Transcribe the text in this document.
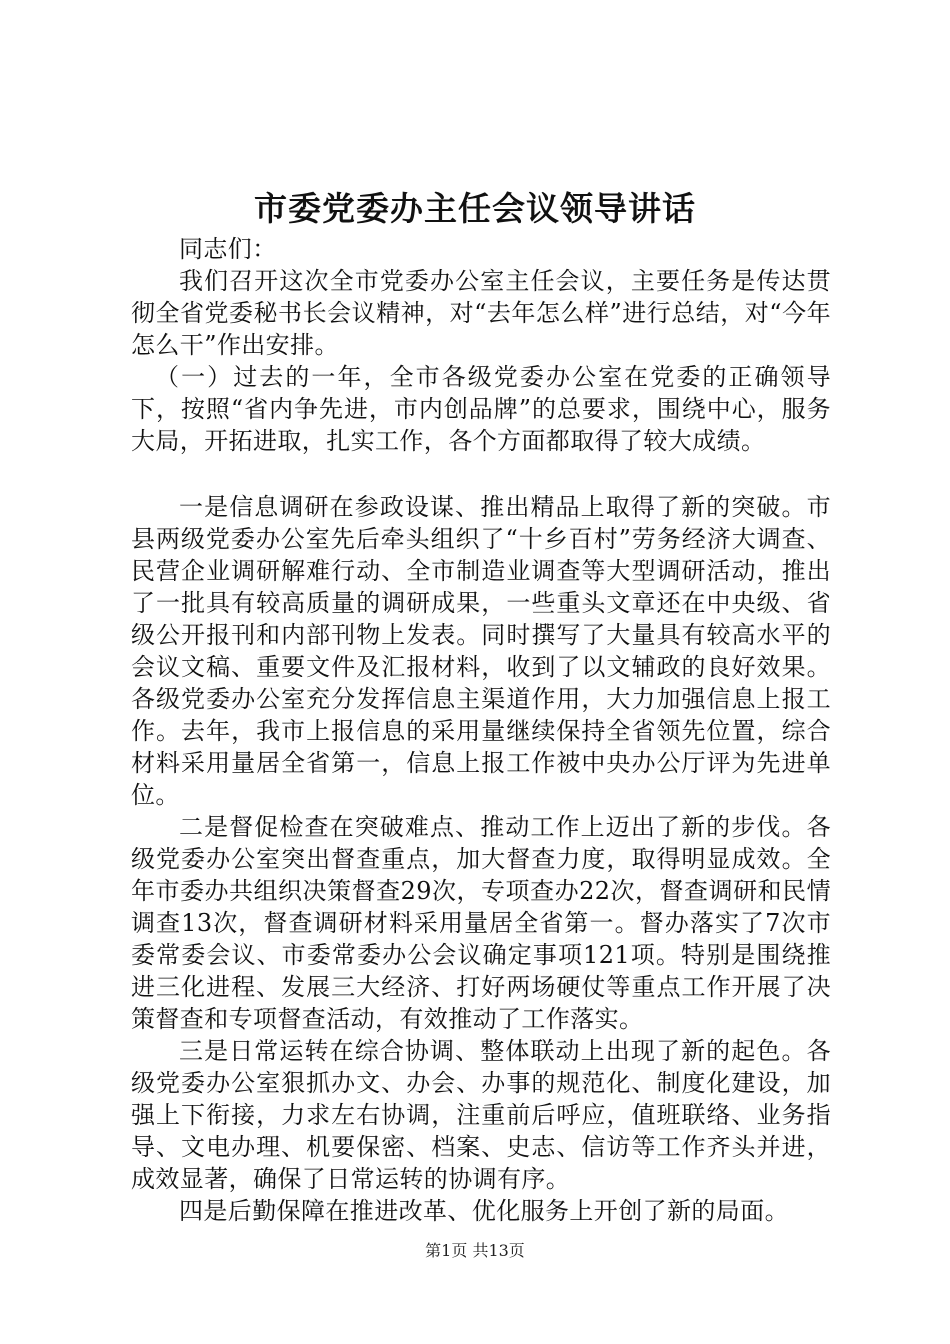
市委党委办主任会议领导讲话

同志们：

我们召开这次全市党委办公室主任会议，主要任务是传达贯彻全省党委秘书长会议精神，对“去年怎么样”进行总结，对“今年怎么干”作出安排。

（一）过去的一年，全市各级党委办公室在党委的正确领导下，按照“省内争先进，市内创品牌”的总要求，围绕中心，服务大局，开拓进取，扎实工作，各个方面都取得了较大成绩。

一是信息调研在参政设谋、推出精品上取得了新的突破。市县两级党委办公室先后牵头组织了“十乡百村”劳务经济大调查、民营企业调研解难行动、全市制造业调查等大型调研活动，推出了一批具有较高质量的调研成果，一些重头文章还在中央级、省级公开报刊和内部刊物上发表。同时撰写了大量具有较高水平的会议文稿、重要文件及汇报材料，收到了以文辅政的良好效果。各级党委办公室充分发挥信息主渠道作用，大力加强信息上报工作。去年，我市上报信息的采用量继续保持全省领先位置，综合材料采用量居全省第一，信息上报工作被中央办公厅评为先进单位。

二是督促检查在突破难点、推动工作上迈出了新的步伐。各级党委办公室突出督查重点，加大督查力度，取得明显成效。全年市委办共组织决策督查29次，专项查办22次，督查调研和民情调查13次，督查调研材料采用量居全省第一。督办落实了7次市委常委会议、市委常委办公会议确定事项121项。特别是围绕推进三化进程、发展三大经济、打好两场硬仗等重点工作开展了决策督查和专项督查活动，有效推动了工作落实。

三是日常运转在综合协调、整体联动上出现了新的起色。各级党委办公室狠抓办文、办会、办事的规范化、制度化建设，加强上下衔接，力求左右协调，注重前后呼应，值班联络、业务指导、文电办理、机要保密、档案、史志、信访等工作齐头并进，成效显著，确保了日常运转的协调有序。

四是后勤保障在推进改革、优化服务上开创了新的局面。

第1页 共13页
